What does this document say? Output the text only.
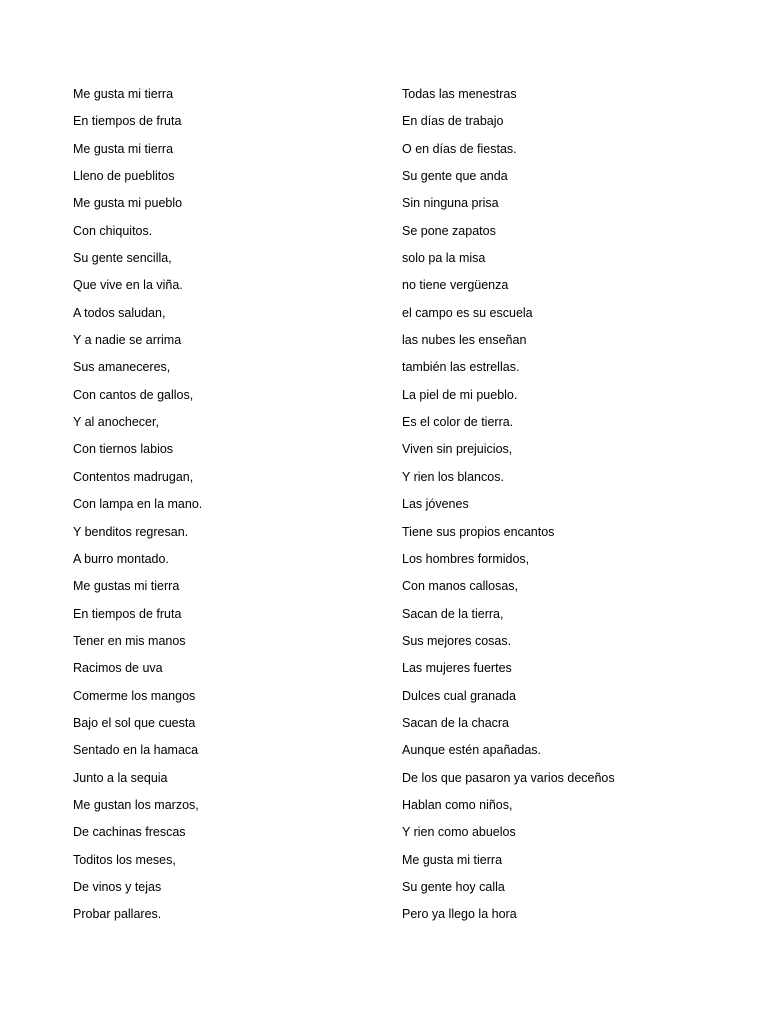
Me gusta mi tierra
En tiempos de fruta
Me gusta mi tierra
Lleno de pueblitos
Me gusta mi pueblo
Con chiquitos.
Su gente sencilla,
Que vive en la viña.
A todos saludan,
Y a nadie se arrima
Sus amaneceres,
Con cantos de gallos,
Y al anochecer,
Con tiernos labios
Contentos madrugan,
Con lampa en la mano.
Y benditos regresan.
A burro montado.
Me gustas mi tierra
En tiempos de fruta
Tener en mis manos
Racimos de uva
Comerme los mangos
Bajo el sol que cuesta
Sentado en la hamaca
Junto a la sequia
Me gustan los marzos,
De cachinas frescas
Toditos los meses,
De vinos y tejas
Probar pallares.
Todas las menestras
En días de trabajo
O en días de fiestas.
Su gente que anda
Sin ninguna prisa
Se pone zapatos
solo pa la misa
no tiene vergüenza
el campo es su escuela
las nubes les enseñan
también las estrellas.
La piel de mi pueblo.
Es el color de tierra.
Viven sin prejuicios,
Y rien los blancos.
Las jóvenes
Tiene sus propios encantos
Los hombres formidos,
Con manos callosas,
Sacan de la tierra,
Sus mejores cosas.
Las mujeres fuertes
Dulces cual granada
Sacan de la chacra
Aunque estén apañadas.
De los que pasaron ya varios deceños
Hablan como niños,
Y rien como abuelos
Me gusta mi tierra
Su gente hoy calla
Pero ya llego la hora
